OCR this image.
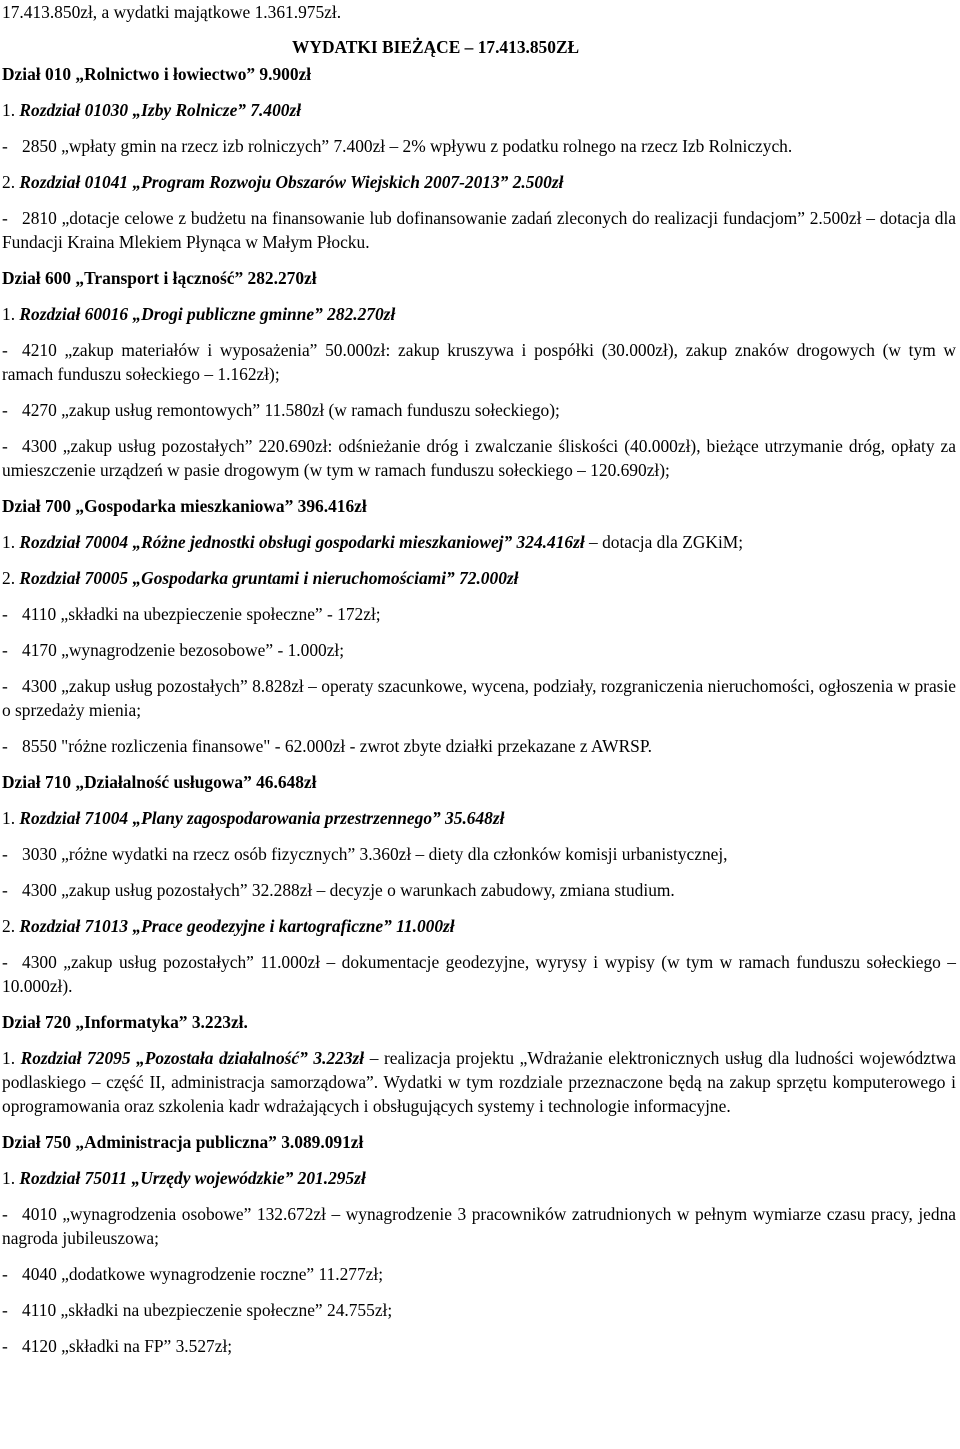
17.413.850zł, a wydatki majątkowe 1.361.975zł.

WYDATKI BIEŻĄCE – 17.413.850ZŁ

Dział 010 „Rolnictwo i łowiectwo” 9.900zł

1. Rozdział 01030 „Izby Rolnicze” 7.400zł

- 2850 „wpłaty gmin na rzecz izb rolniczych” 7.400zł – 2% wpływu z podatku rolnego na rzecz Izb Rolniczych.

2. Rozdział 01041 „Program Rozwoju Obszarów Wiejskich 2007-2013” 2.500zł

- 2810 „dotacje celowe z budżetu na finansowanie lub dofinansowanie zadań zleconych do realizacji fundacjom” 2.500zł – dotacja dla Fundacji Kraina Mlekiem Płynąca w Małym Płocku.

Dział 600 „Transport i łączność” 282.270zł

1. Rozdział 60016 „Drogi publiczne gminne” 282.270zł

- 4210 „zakup materiałów i wyposażenia” 50.000zł: zakup kruszywa i pospółki (30.000zł), zakup znaków drogowych (w tym w ramach funduszu sołeckiego – 1.162zł);

- 4270 „zakup usług remontowych” 11.580zł (w ramach funduszu sołeckiego);

- 4300 „zakup usług pozostałych” 220.690zł: odśnieżanie dróg i zwalczanie śliskości (40.000zł), bieżące utrzymanie dróg, opłaty za umieszczenie urządzeń w pasie drogowym (w tym w ramach funduszu sołeckiego – 120.690zł);

Dział 700 „Gospodarka mieszkaniowa” 396.416zł

1. Rozdział 70004 „Różne jednostki obsługi gospodarki mieszkaniowej” 324.416zł – dotacja dla ZGKiM;

2. Rozdział 70005 „Gospodarka gruntami i nieruchomościami” 72.000zł

- 4110 „składki na ubezpieczenie społeczne” - 172zł;

- 4170 „wynagrodzenie bezosobowe” - 1.000zł;

- 4300 „zakup usług pozostałych” 8.828zł – operaty szacunkowe, wycena, podziały, rozgraniczenia nieruchomości, ogłoszenia w prasie o sprzedaży mienia;

- 8550 "różne rozliczenia finansowe" - 62.000zł - zwrot zbyte działki przekazane z AWRSP.

Dział 710 „Działalność usługowa” 46.648zł

1. Rozdział 71004 „Plany zagospodarowania przestrzennego” 35.648zł

- 3030 „różne wydatki na rzecz osób fizycznych” 3.360zł – diety dla członków komisji urbanistycznej,

- 4300 „zakup usług pozostałych” 32.288zł – decyzje o warunkach zabudowy, zmiana studium.

2. Rozdział 71013 „Prace geodezyjne i kartograficzne” 11.000zł

- 4300 „zakup usług pozostałych” 11.000zł – dokumentacje geodezyjne, wyrysy i wypisy (w tym w ramach funduszu sołeckiego – 10.000zł).

Dział 720 „Informatyka” 3.223zł.

1. Rozdział 72095 „Pozostała działalność” 3.223zł – realizacja projektu „Wdrażanie elektronicznych usług dla ludności województwa podlaskiego – część II, administracja samorządowa”. Wydatki w tym rozdziale przeznaczone będą na zakup sprzętu komputerowego i oprogramowania oraz szkolenia kadr wdrażających i obsługujących systemy i technologie informacyjne.

Dział 750 „Administracja publiczna” 3.089.091zł

1. Rozdział 75011 „Urzędy wojewódzkie” 201.295zł

- 4010 „wynagrodzenia osobowe” 132.672zł – wynagrodzenie 3 pracowników zatrudnionych w pełnym wymiarze czasu pracy, jedna nagroda jubileuszowa;

- 4040 „dodatkowe wynagrodzenie roczne” 11.277zł;

- 4110 „składki na ubezpieczenie społeczne” 24.755zł;

- 4120 „składki na FP” 3.527zł;
